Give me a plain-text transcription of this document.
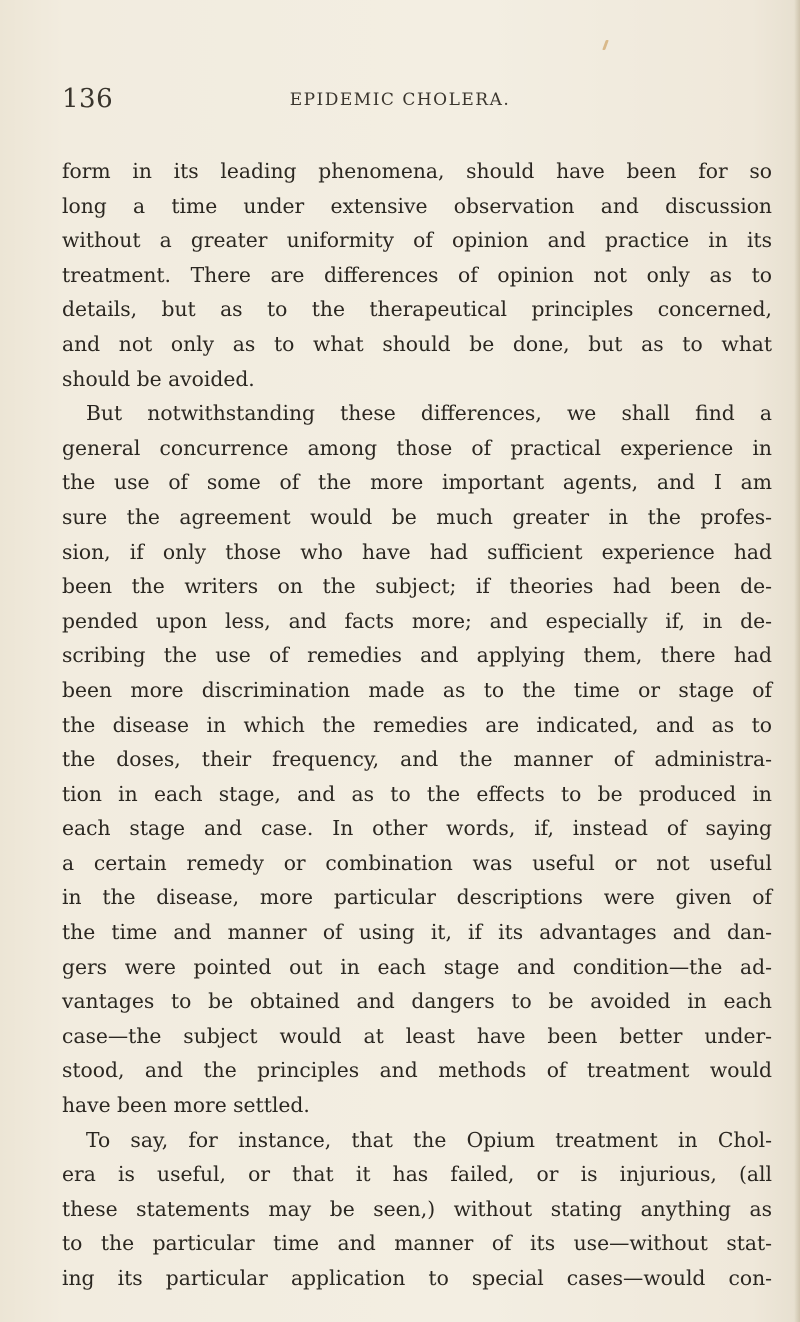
136	EPIDEMIC CHOLERA.
form in its leading phenomena, should have been for so
long a time under extensive observation and discussion
without a greater uniformity of opinion and practice in its
treatment. There are differences of opinion not only as to
details, but as to the therapeutical principles concerned,
and not only as to what should be done, but as to what
should be avoided.
But notwithstanding these differences, we shall find a
general concurrence among those of practical experience in
the use of some of the more important agents, and I am
sure the agreement would be much greater in the profes-
sion, if only those who have had sufficient experience had
been the writers on the subject; if theories had been de-
pended upon less, and facts more; and especially if, in de-
scribing the use of remedies and applying them, there had
been more discrimination made as to the time or stage of
the disease in which the remedies are indicated, and as to
the doses, their frequency, and the manner of administra-
tion in each stage, and as to the effects to be produced in
each stage and case. In other words, if, instead of saying
a certain remedy or combination was useful or not useful
in the disease, more particular descriptions were given of
the time and manner of using it, if its advantages and dan-
gers were pointed out in each stage and condition—the ad-
vantages to be obtained and dangers to be avoided in each
case—the subject would at least have been better under-
stood, and the principles and methods of treatment would
have been more settled.
To say, for instance, that the Opium treatment in Chol-
era is useful, or that it has failed, or is injurious, (all
these statements may be seen,) without stating anything as
to the particular time and manner of its use—without stat-
ing its particular application to special cases—would con-
